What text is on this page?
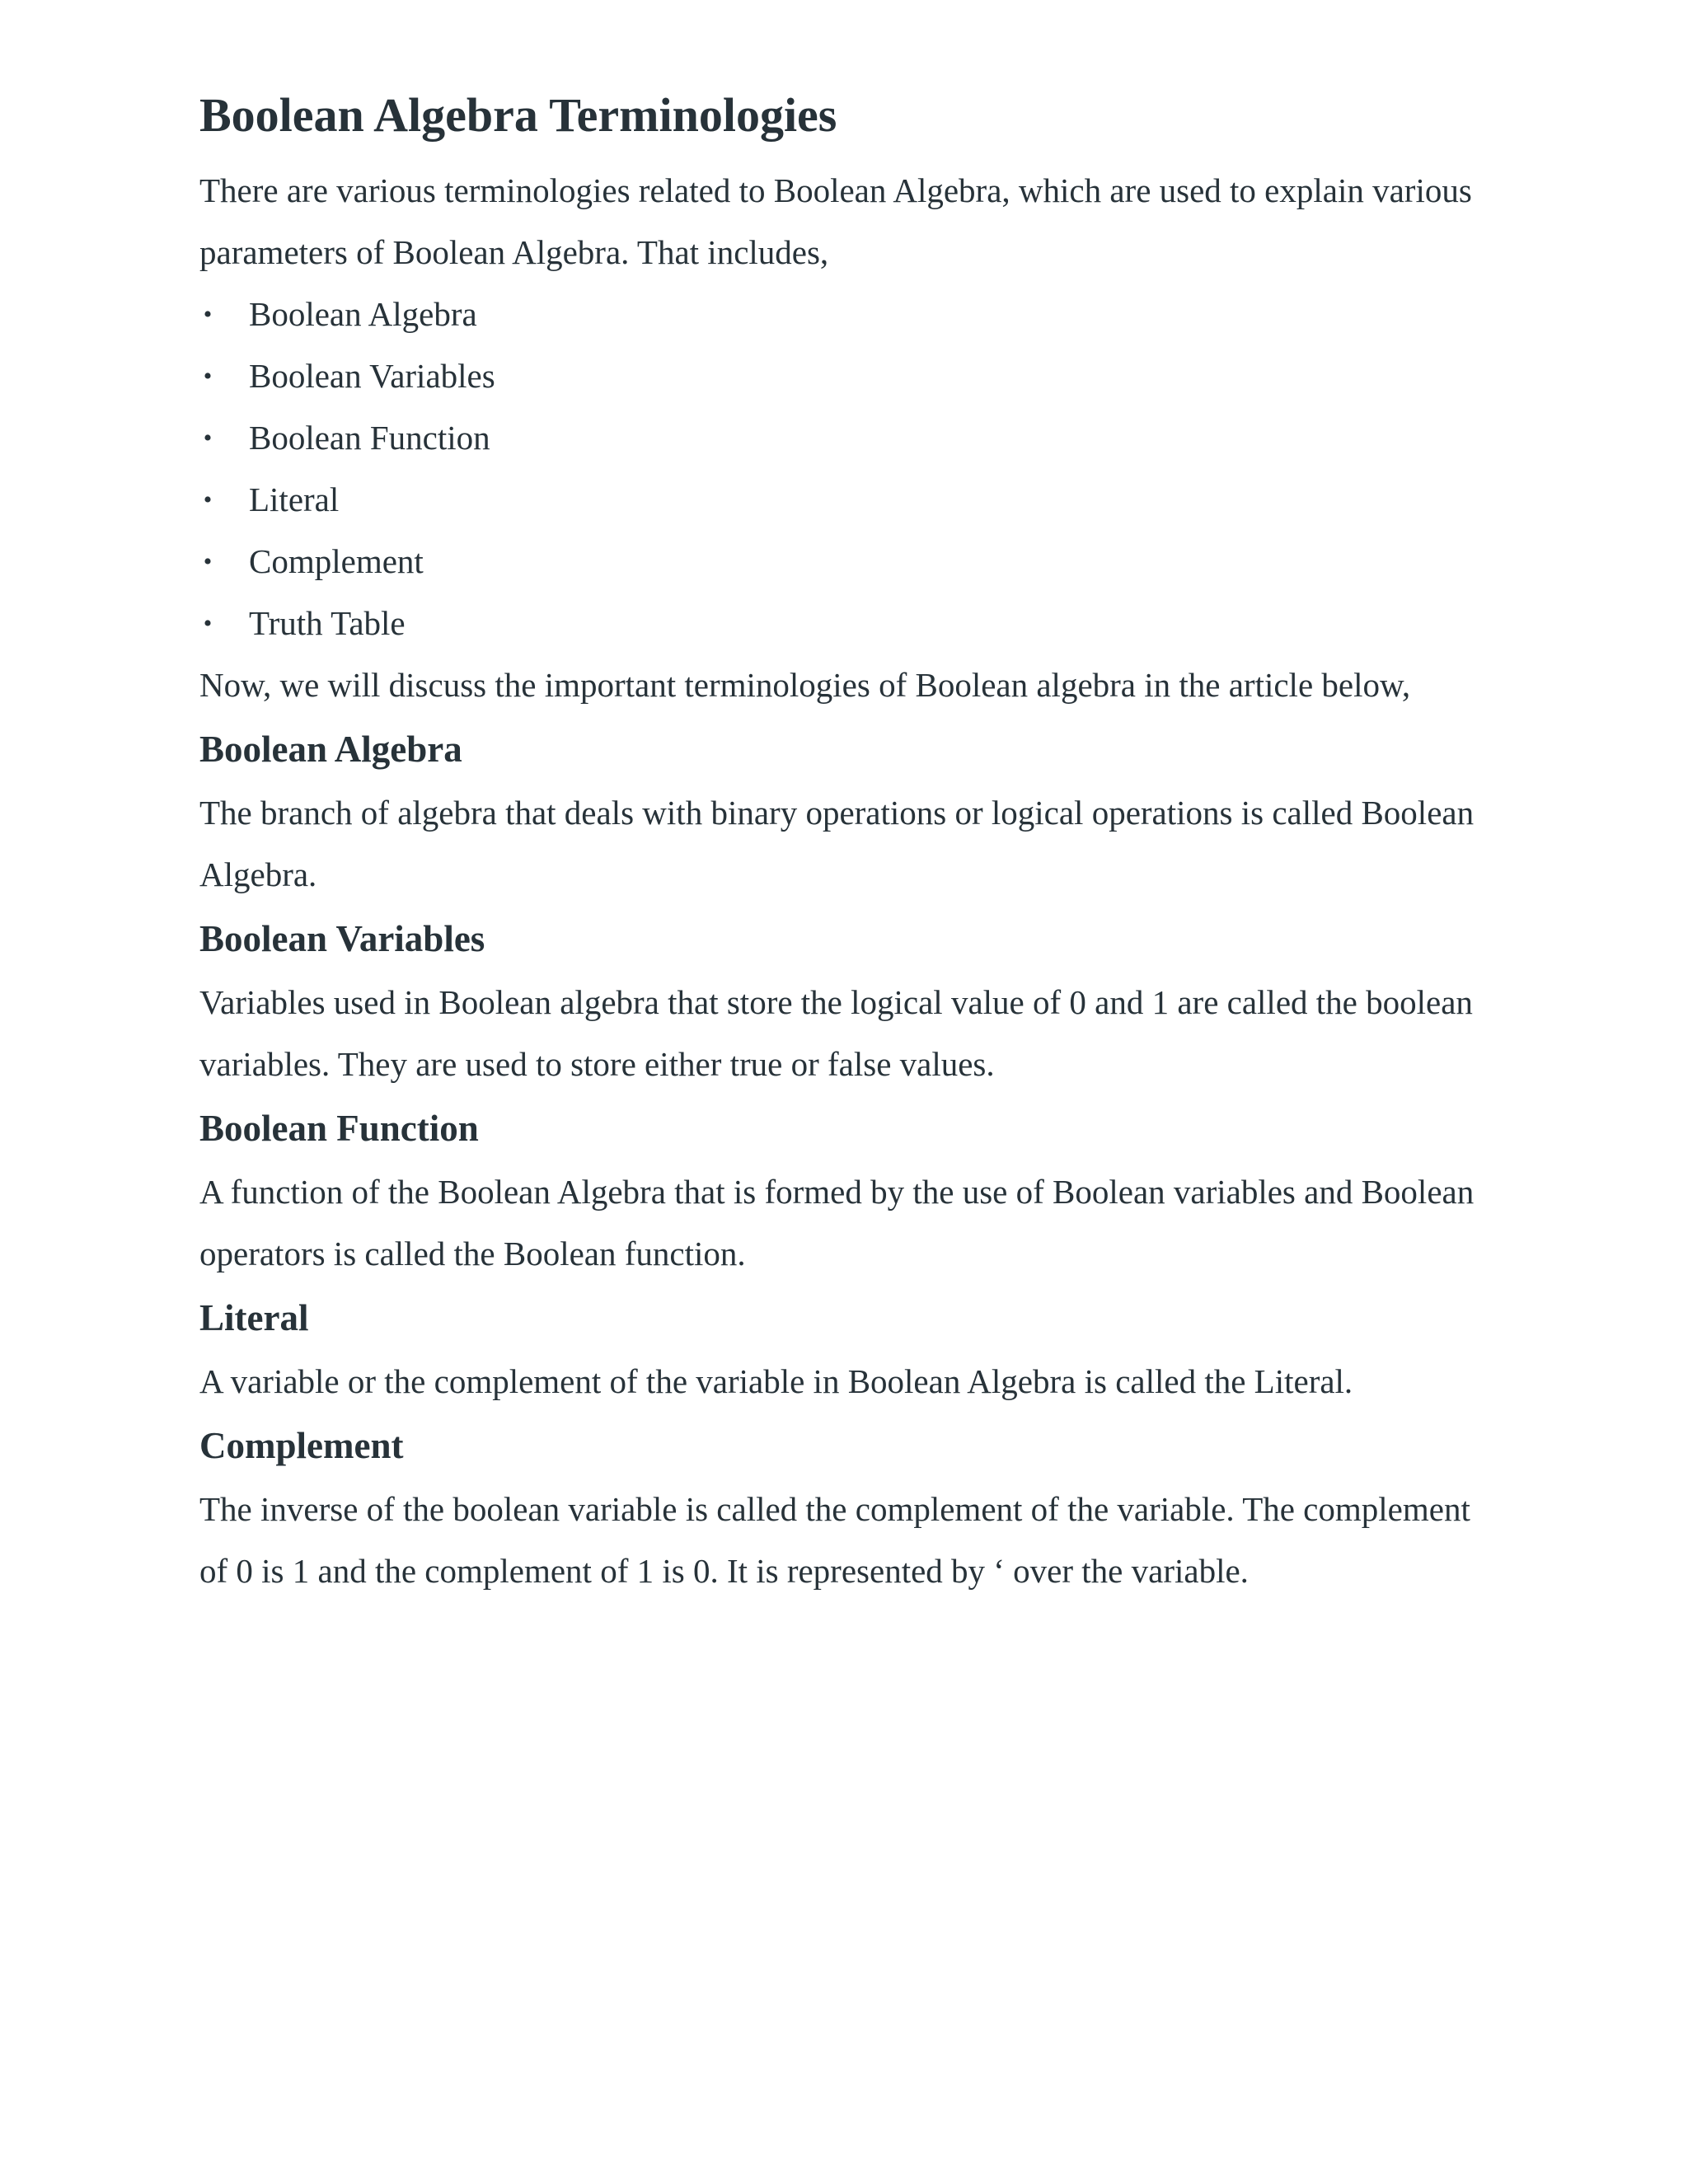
Boolean Algebra Terminologies

There are various terminologies related to Boolean Algebra, which are used to explain various parameters of Boolean Algebra. That includes,

• Boolean Algebra
• Boolean Variables
• Boolean Function
• Literal
• Complement
• Truth Table

Now, we will discuss the important terminologies of Boolean algebra in the article below,

Boolean Algebra

The branch of algebra that deals with binary operations or logical operations is called Boolean Algebra.

Boolean Variables

Variables used in Boolean algebra that store the logical value of 0 and 1 are called the boolean variables. They are used to store either true or false values.

Boolean Function

A function of the Boolean Algebra that is formed by the use of Boolean variables and Boolean operators is called the Boolean function.

Literal

A variable or the complement of the variable in Boolean Algebra is called the Literal.

Complement

The inverse of the boolean variable is called the complement of the variable. The complement of 0 is 1 and the complement of 1 is 0. It is represented by ‘ over the variable.
